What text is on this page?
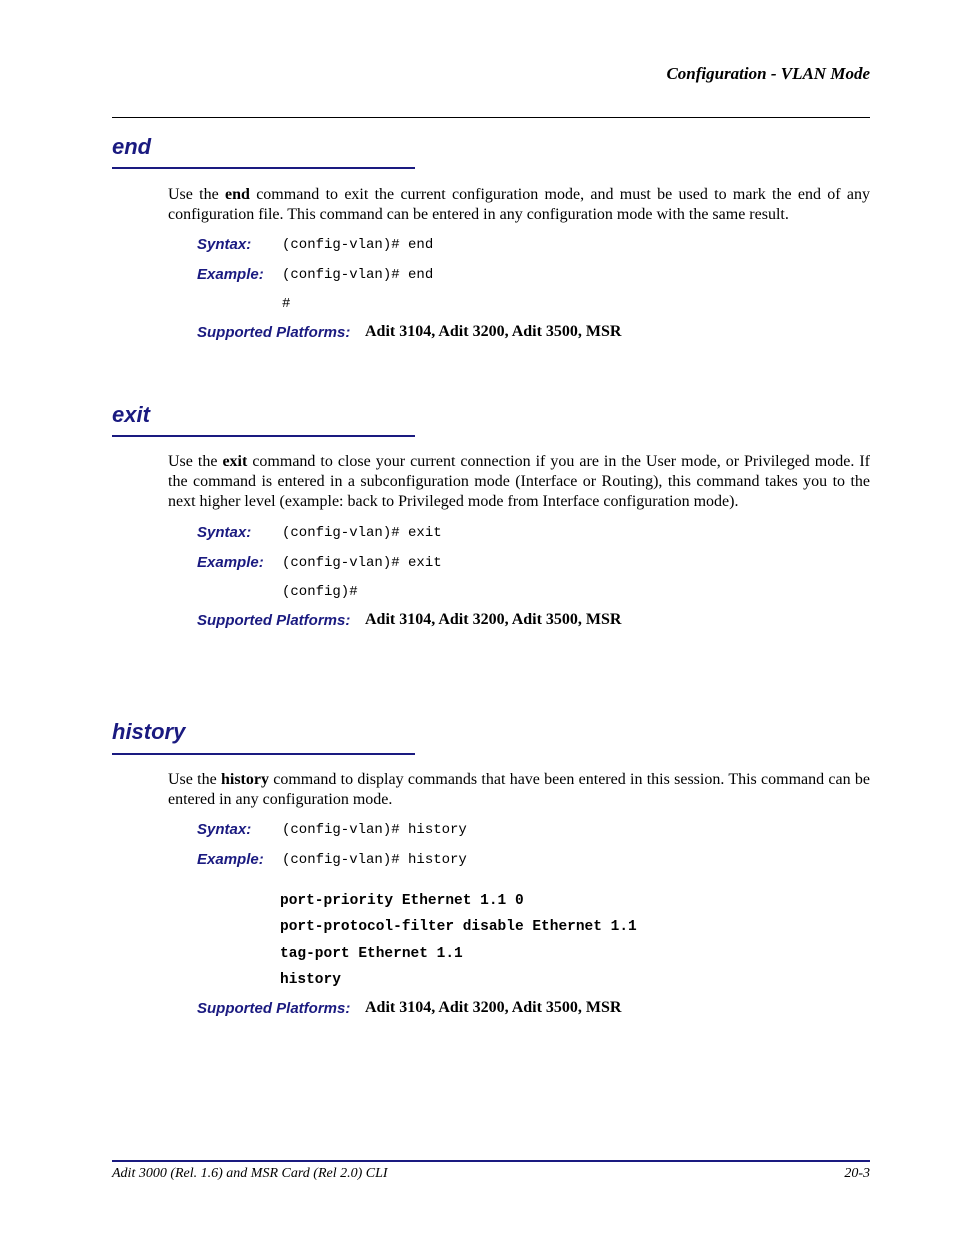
Configuration - VLAN Mode
end
Use the end command to exit the current configuration mode, and must be used to mark the end of any configuration file. This command can be entered in any configuration mode with the same result.
Syntax: (config-vlan)# end
Example: (config-vlan)# end
#
Supported Platforms: Adit 3104, Adit 3200, Adit 3500, MSR
exit
Use the exit command to close your current connection if you are in the User mode, or Privileged mode. If the command is entered in a subconfiguration mode (Interface or Routing), this command takes you to the next higher level (example: back to Privileged mode from Interface configuration mode).
Syntax: (config-vlan)# exit
Example: (config-vlan)# exit
(config)#
Supported Platforms: Adit 3104, Adit 3200, Adit 3500, MSR
history
Use the history command to display commands that have been entered in this session. This command can be entered in any configuration mode.
Syntax: (config-vlan)# history
Example: (config-vlan)# history
port-priority Ethernet 1.1 0
port-protocol-filter disable Ethernet 1.1
tag-port Ethernet 1.1
history
Supported Platforms: Adit 3104, Adit 3200, Adit 3500, MSR
Adit 3000 (Rel. 1.6) and MSR Card (Rel 2.0) CLI	20-3
